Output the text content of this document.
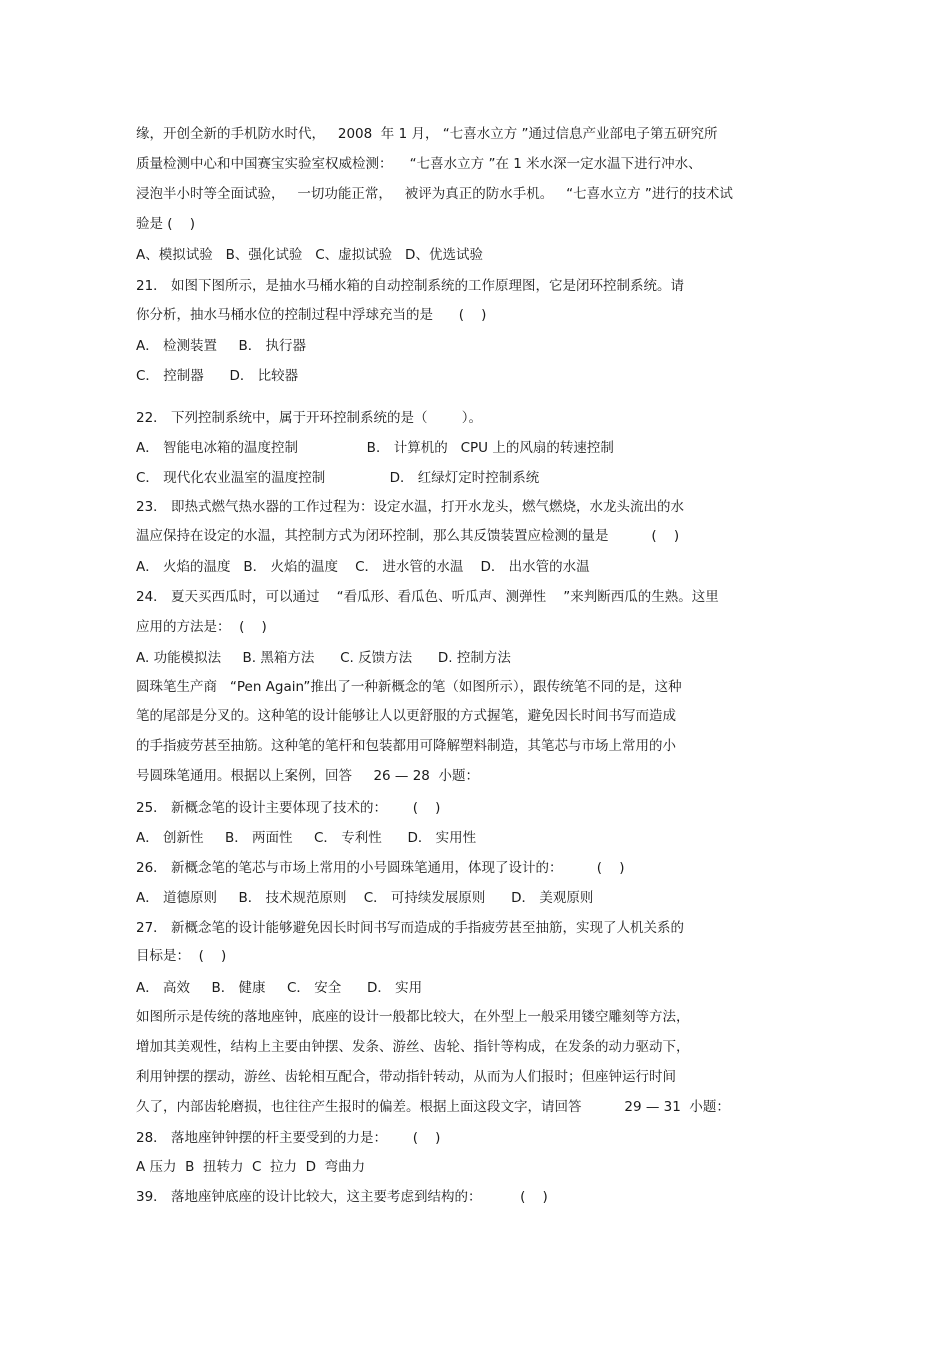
缘，开创全新的手机防水时代，   2008  年 1 月， “七喜水立方 ”通过信息产业部电子第五研究所
质量检测中心和中国赛宝实验室权威检测：    “七喜水立方 ”在 1 米水深一定水温下进行冲水、
浸泡半小时等全面试验，   一切功能正常，   被评为真正的防水手机。   “七喜水立方 ”进行的技术试
验是 (    )
A、模拟试验   B、强化试验   C、虚拟试验   D、优选试验
21． 如图下图所示，是抽水马桶水箱的自动控制系统的工作原理图，它是闭环控制系统。请
你分析，抽水马桶水位的控制过程中浮球充当的是      (    )
A． 检测装置     B． 执行器
C． 控制器      D． 比较器
22． 下列控制系统中，属于开环控制系统的是（        ）。
A． 智能电冰箱的温度控制                B． 计算机的   CPU 上的风扇的转速控制
C． 现代化农业温室的温度控制               D． 红绿灯定时控制系统
23． 即热式燃气热水器的工作过程为：设定水温，打开水龙头，燃气燃烧，水龙头流出的水
温应保持在设定的水温，其控制方式为闭环控制，那么其反馈装置应检测的量是          (    )
A． 火焰的温度   B． 火焰的温度    C． 进水管的水温    D． 出水管的水温
24． 夏天买西瓜时，可以通过    “看瓜形、看瓜色、听瓜声、测弹性    ”来判断西瓜的生熟。这里
应用的方法是：  (    )
A. 功能模拟法     B. 黑箱方法      C. 反馈方法      D. 控制方法
圆珠笔生产商   “Pen Again”推出了一种新概念的笔（如图所示），跟传统笔不同的是，这种
笔的尾部是分叉的。这种笔的设计能够让人以更舒服的方式握笔，避免因长时间书写而造成
的手指疲劳甚至抽筋。这种笔的笔杆和包装都用可降解塑料制造，其笔芯与市场上常用的小
号圆珠笔通用。根据以上案例，回答     26 — 28  小题：
25． 新概念笔的设计主要体现了技术的：      (    )
A． 创新性     B． 两面性     C． 专利性      D． 实用性
26． 新概念笔的笔芯与市场上常用的小号圆珠笔通用，体现了设计的：        (    )
A． 道德原则     B． 技术规范原则    C． 可持续发展原则      D． 美观原则
27． 新概念笔的设计能够避免因长时间书写而造成的手指疲劳甚至抽筋，实现了人机关系的
目标是：  (    )
A． 高效     B． 健康     C． 安全      D． 实用
如图所示是传统的落地座钟，底座的设计一般都比较大，在外型上一般采用镂空雕刻等方法，
增加其美观性，结构上主要由钟摆、发条、游丝、齿轮、指针等构成，在发条的动力驱动下，
利用钟摆的摆动，游丝、齿轮相互配合，带动指针转动，从而为人们报时；但座钟运行时间
久了，内部齿轮磨损，也往往产生报时的偏差。根据上面这段文字，请回答          29 — 31  小题：
28． 落地座钟钟摆的杆主要受到的力是：      (    )
A 压力  B  扭转力  C  拉力  D  弯曲力
39． 落地座钟底座的设计比较大，这主要考虑到结构的：         (    )
